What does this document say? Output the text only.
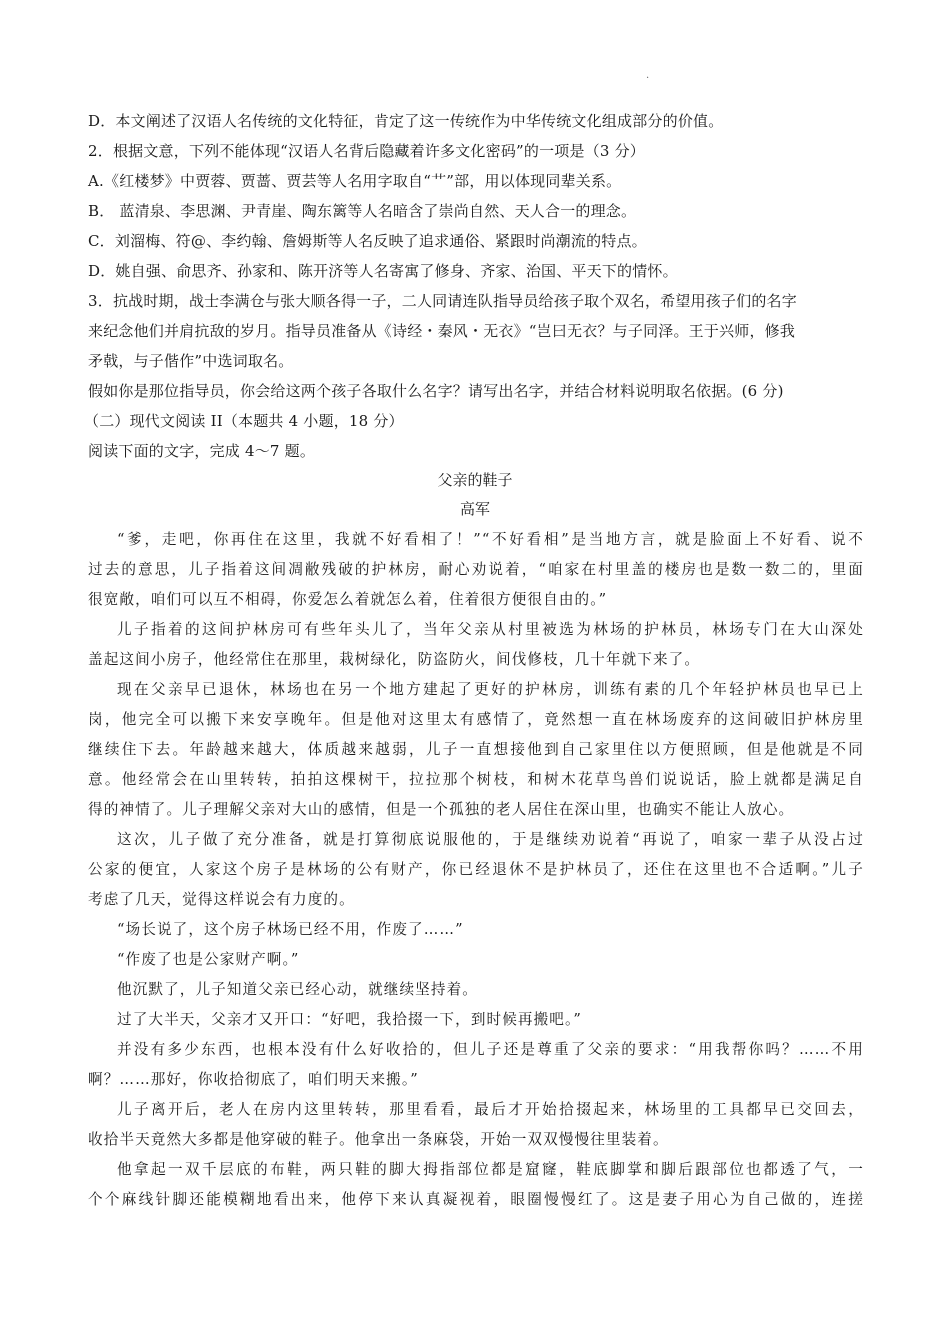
.
D．本文阐述了汉语人名传统的文化特征，肯定了这一传统作为中华传统文化组成部分的价值。
2．根据文意，下列不能体现“汉语人名背后隐藏着许多文化密码”的一项是（3 分）
A.《红楼梦》中贾蓉、贾蔷、贾芸等人名用字取自“艹”部，用以体现同辈关系。
B． 蓝清泉、李思渊、尹青崖、陶东篱等人名暗含了崇尚自然、天人合一的理念。
C．刘溜梅、符@、李约翰、詹姆斯等人名反映了追求通俗、紧跟时尚潮流的特点。
D．姚自强、俞思齐、孙家和、陈开济等人名寄寓了修身、齐家、治国、平天下的情怀。
3．抗战时期，战士李满仓与张大顺各得一子，二人同请连队指导员给孩子取个双名，希望用孩子们的名字
来纪念他们并肩抗敌的岁月。指导员准备从《诗经・秦风・无衣》“岂曰无衣？与子同泽。王于兴师，修我
矛戟，与子偕作”中选词取名。
假如你是那位指导员，你会给这两个孩子各取什么名字？请写出名字，并结合材料说明取名依据。(6 分)
（二）现代文阅读 II（本题共 4 小题，18 分）
阅读下面的文字，完成 4～7 题。
父亲的鞋子
高军
“爹，走吧，你再住在这里，我就不好看相了！”“不好看相”是当地方言，就是脸面上不好看、说不
过去的意思，儿子指着这间凋敝残破的护林房，耐心劝说着，“咱家在村里盖的楼房也是数一数二的，里面
很宽敞，咱们可以互不相碍，你爱怎么着就怎么着，住着很方便很自由的。”
儿子指着的这间护林房可有些年头儿了，当年父亲从村里被选为林场的护林员，林场专门在大山深处
盖起这间小房子，他经常住在那里，栽树绿化，防盗防火，间伐修枝，几十年就下来了。
现在父亲早已退休，林场也在另一个地方建起了更好的护林房，训练有素的几个年轻护林员也早已上
岗，他完全可以搬下来安享晚年。但是他对这里太有感情了，竟然想一直在林场废弃的这间破旧护林房里
继续住下去。年龄越来越大，体质越来越弱，儿子一直想接他到自己家里住以方便照顾，但是他就是不同
意。他经常会在山里转转，拍拍这棵树干，拉拉那个树枝，和树木花草鸟兽们说说话，脸上就都是满足自
得的神情了。儿子理解父亲对大山的感情，但是一个孤独的老人居住在深山里，也确实不能让人放心。
这次，儿子做了充分准备，就是打算彻底说服他的，于是继续劝说着“再说了，咱家一辈子从没占过
公家的便宜，人家这个房子是林场的公有财产，你已经退休不是护林员了，还住在这里也不合适啊。”儿子
考虑了几天，觉得这样说会有力度的。
“场长说了，这个房子林场已经不用，作废了……”
“作废了也是公家财产啊。”
他沉默了，儿子知道父亲已经心动，就继续坚持着。
过了大半天，父亲才又开口：“好吧，我拾掇一下，到时候再搬吧。”
并没有多少东西，也根本没有什么好收拾的，但儿子还是尊重了父亲的要求：“用我帮你吗？……不用
啊？……那好，你收拾彻底了，咱们明天来搬。”
儿子离开后，老人在房内这里转转，那里看看，最后才开始拾掇起来，林场里的工具都早已交回去，
收拾半天竟然大多都是他穿破的鞋子。他拿出一条麻袋，开始一双双慢慢往里装着。
他拿起一双千层底的布鞋，两只鞋的脚大拇指部位都是窟窿，鞋底脚掌和脚后跟部位也都透了气，一
个个麻线针脚还能模糊地看出来，他停下来认真凝视着，眼圈慢慢红了。这是妻子用心为自己做的，连搓
